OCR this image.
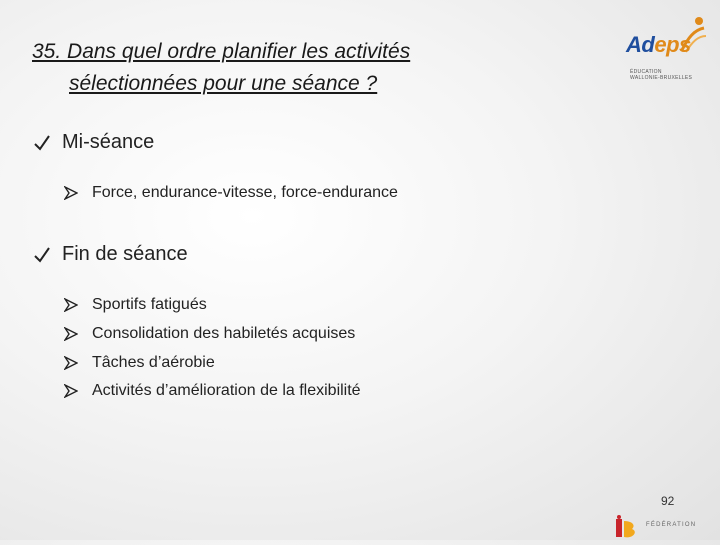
35. Dans quel ordre planifier les activités
sélectionnées pour une séance ?
Adeps
ÉDUCATION
WALLONIE-BRUXELLES
Mi-séance
Force, endurance-vitesse, force-endurance
Fin de séance
Sportifs fatigués
Consolidation des habiletés acquises
Tâches d’aérobie
Activités d’amélioration de la flexibilité
92
FÉDÉRATION
